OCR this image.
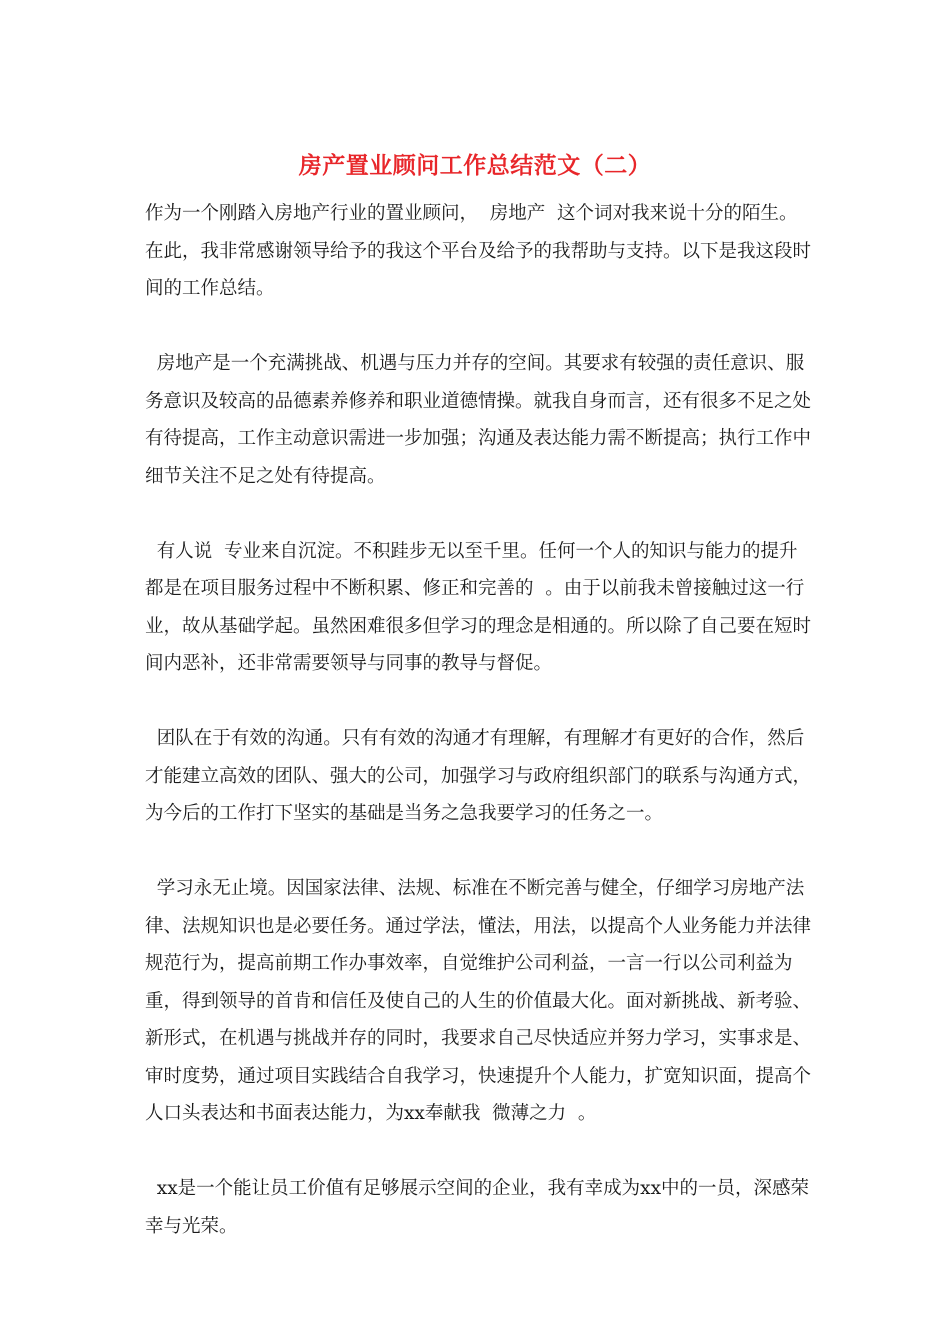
房产置业顾问工作总结范文（二）

作为一个刚踏入房地产行业的置业顾问，  房地产  这个词对我来说十分的陌生。在此，我非常感谢领导给予的我这个平台及给予的我帮助与支持。以下是我这段时间的工作总结。

房地产是一个充满挑战、机遇与压力并存的空间。其要求有较强的责任意识、服务意识及较高的品德素养修养和职业道德情操。就我自身而言，还有很多不足之处有待提高，工作主动意识需进一步加强；沟通及表达能力需不断提高；执行工作中细节关注不足之处有待提高。

有人说  专业来自沉淀。不积跬步无以至千里。任何一个人的知识与能力的提升都是在项目服务过程中不断积累、修正和完善的  。由于以前我未曾接触过这一行业，故从基础学起。虽然困难很多但学习的理念是相通的。所以除了自己要在短时间内恶补，还非常需要领导与同事的教导与督促。

团队在于有效的沟通。只有有效的沟通才有理解，有理解才有更好的合作，然后才能建立高效的团队、强大的公司，加强学习与政府组织部门的联系与沟通方式，为今后的工作打下坚实的基础是当务之急我要学习的任务之一。

学习永无止境。因国家法律、法规、标准在不断完善与健全，仔细学习房地产法律、法规知识也是必要任务。通过学法，懂法，用法，以提高个人业务能力并法律规范行为，提高前期工作办事效率，自觉维护公司利益，一言一行以公司利益为重，得到领导的首肯和信任及使自己的人生的价值最大化。面对新挑战、新考验、新形式，在机遇与挑战并存的同时，我要求自己尽快适应并努力学习，实事求是、审时度势，通过项目实践结合自我学习，快速提升个人能力，扩宽知识面，提高个人口头表达和书面表达能力，为xx奉献我  微薄之力  。

xx是一个能让员工价值有足够展示空间的企业，我有幸成为xx中的一员，深感荣幸与光荣。
